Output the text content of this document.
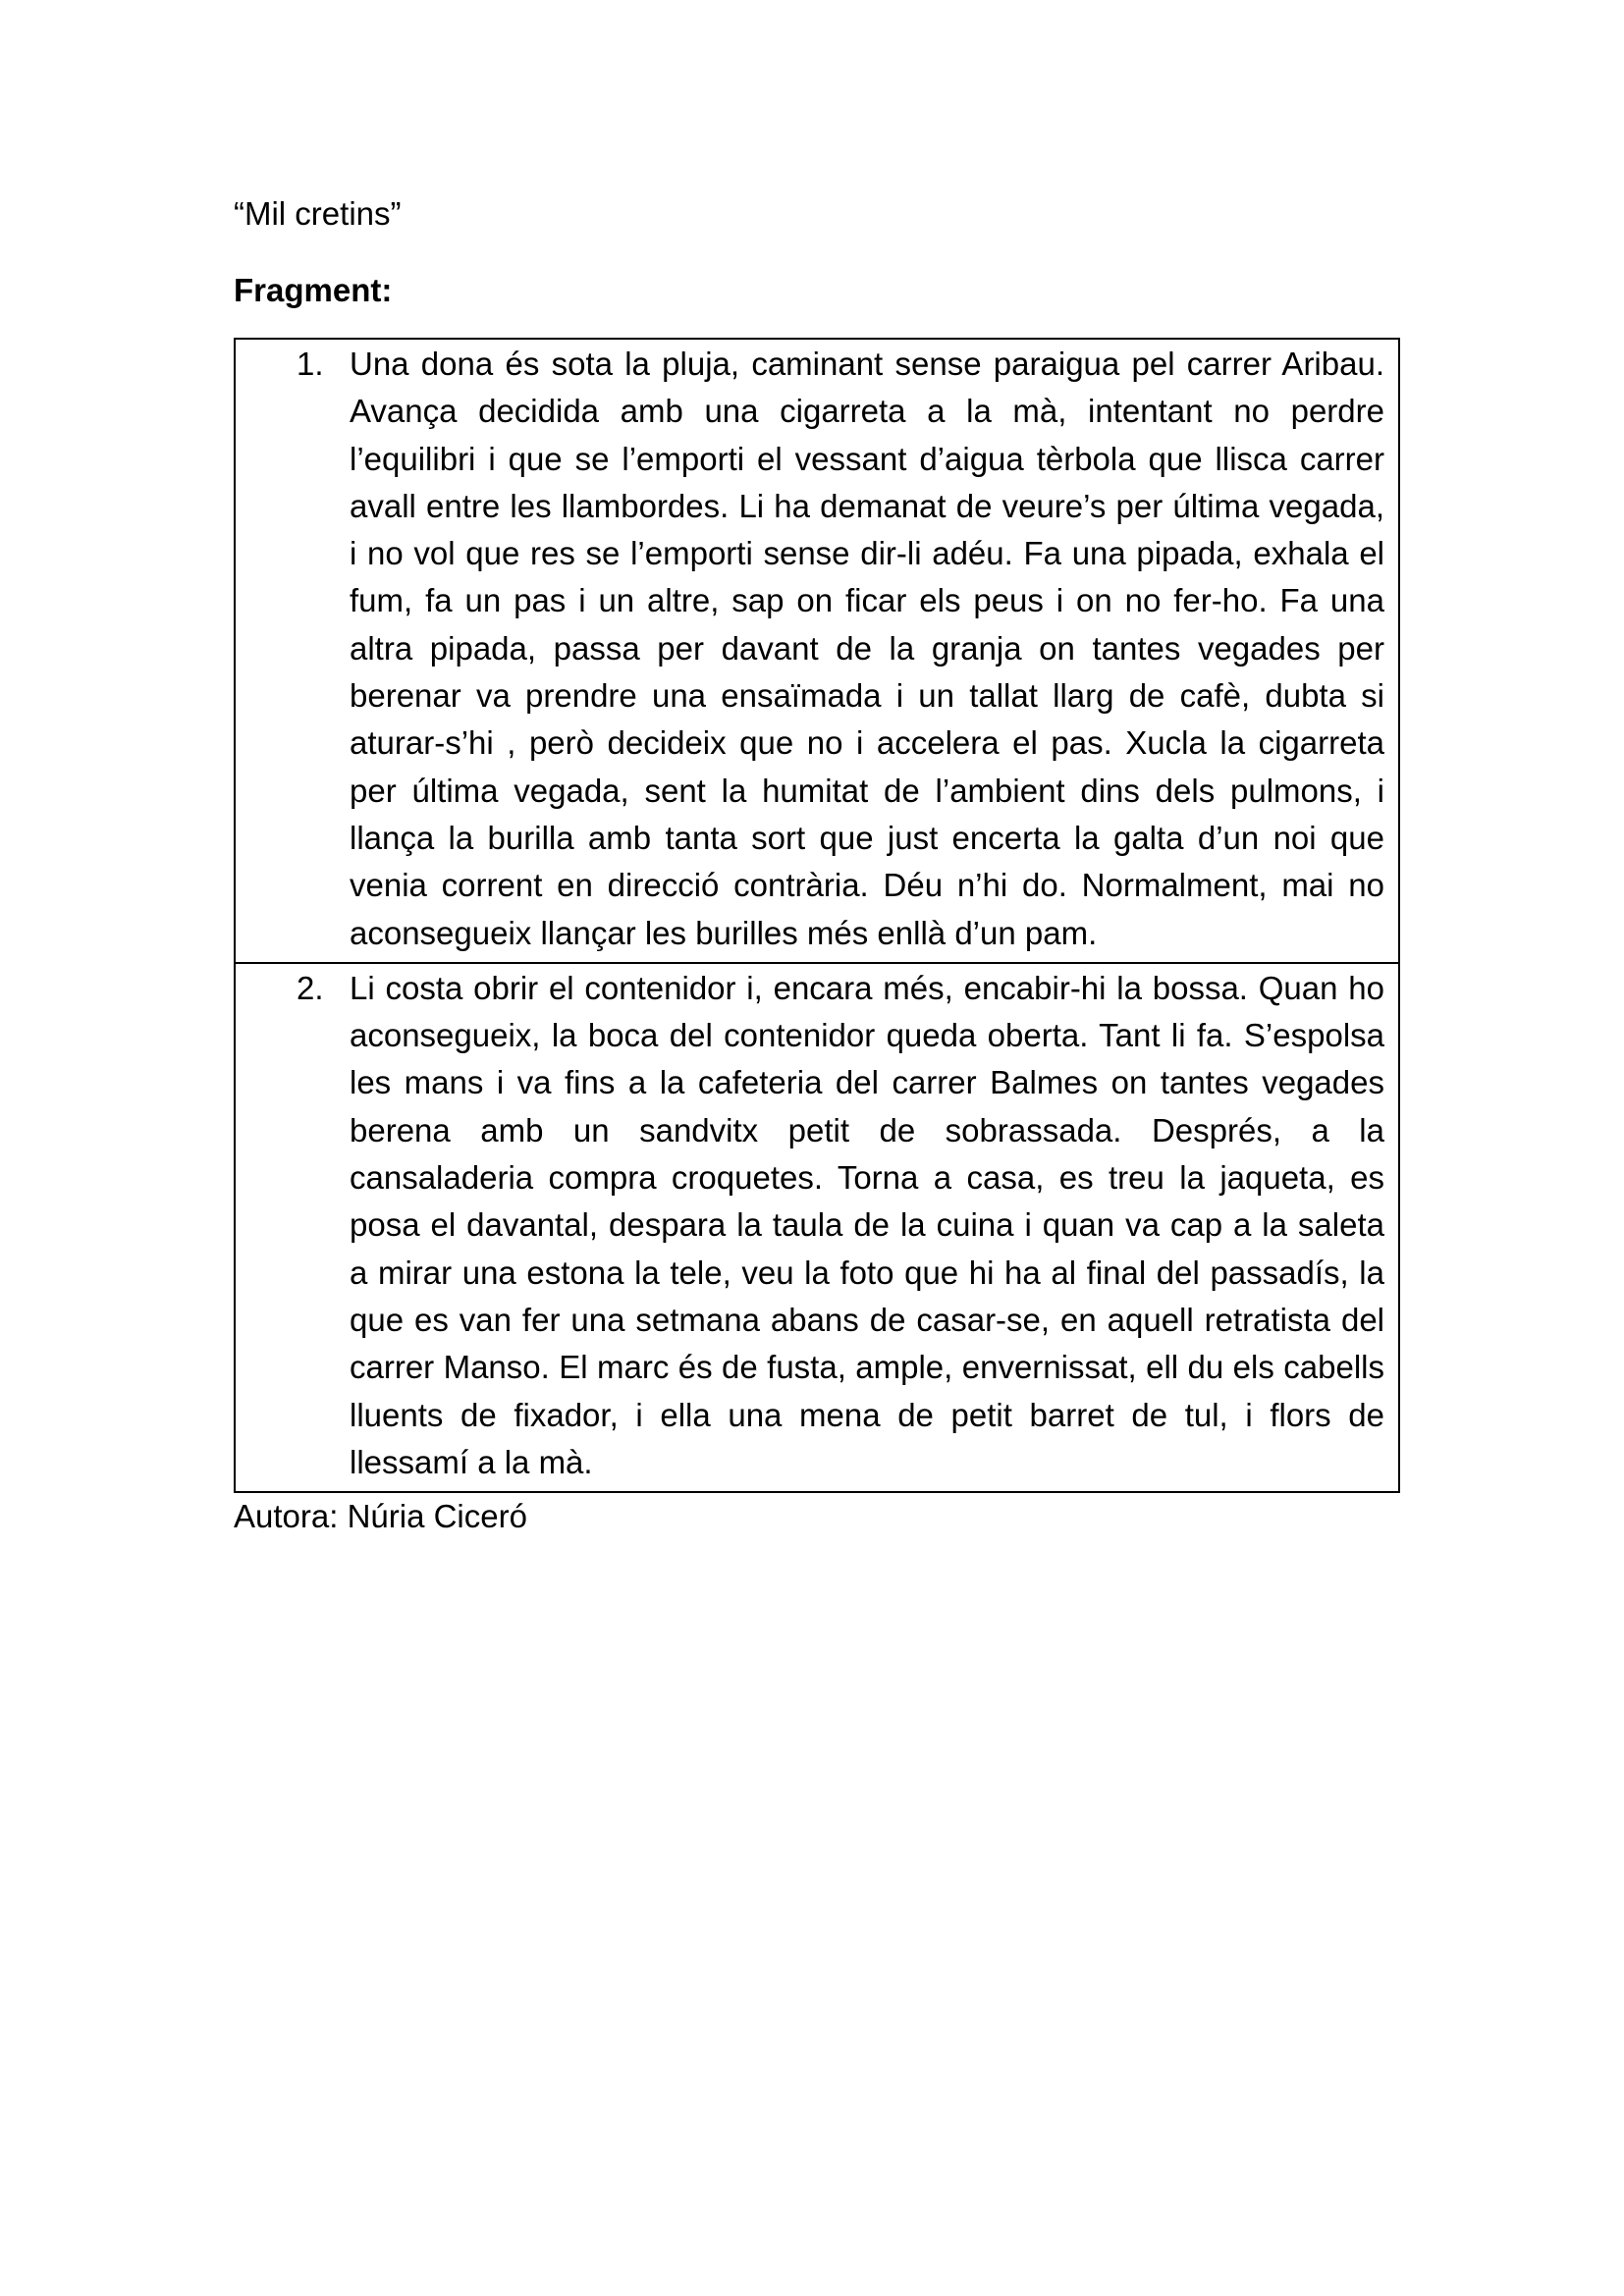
“Mil cretins”
Fragment:
1. Una dona és sota la pluja, caminant sense paraigua pel carrer Aribau. Avança decidida amb una cigarreta a la mà, intentant no perdre l’equilibri i que se l’emporti el vessant d’aigua tèrbola que llisca carrer avall entre les llambordes. Li ha demanat de veure’s per última vegada, i no vol que res se l’emporti sense dir-li adéu. Fa una pipada, exhala el fum, fa un pas i un altre, sap on ficar els peus i on no fer-ho. Fa una altra pipada, passa per davant de la granja on tantes vegades per berenar va prendre una ensaïmada i un tallat llarg de cafè, dubta si aturar-s’hi , però decideix que no i accelera el pas. Xucla la cigarreta per última vegada, sent la humitat de l’ambient dins dels pulmons, i llança la burilla amb tanta sort que just encerta la galta d’un noi que venia corrent en direcció contrària. Déu n’hi do. Normalment, mai no aconsegueix llançar les burilles més enllà d’un pam.

2. Li costa obrir el contenidor i, encara més, encabir-hi la bossa. Quan ho aconsegueix, la boca del contenidor queda oberta. Tant li fa. S’espolsa les mans i va fins a la cafeteria del carrer Balmes on tantes vegades berena amb un sandvitx petit de sobrassada. Després, a la cansaladeria compra croquetes. Torna a casa, es treu la jaqueta, es posa el davantal, despara la taula de la cuina i quan va cap a la saleta a mirar una estona la tele, veu la foto que hi ha al final del passadís, la que es van fer una setmana abans de casar-se, en aquell retratista del carrer Manso. El marc és de fusta, ample, envernissat, ell du els cabells lluents de fixador, i ella una mena de petit barret de tul, i flors de llessamí a la mà.

Autora: Núria Ciceró
